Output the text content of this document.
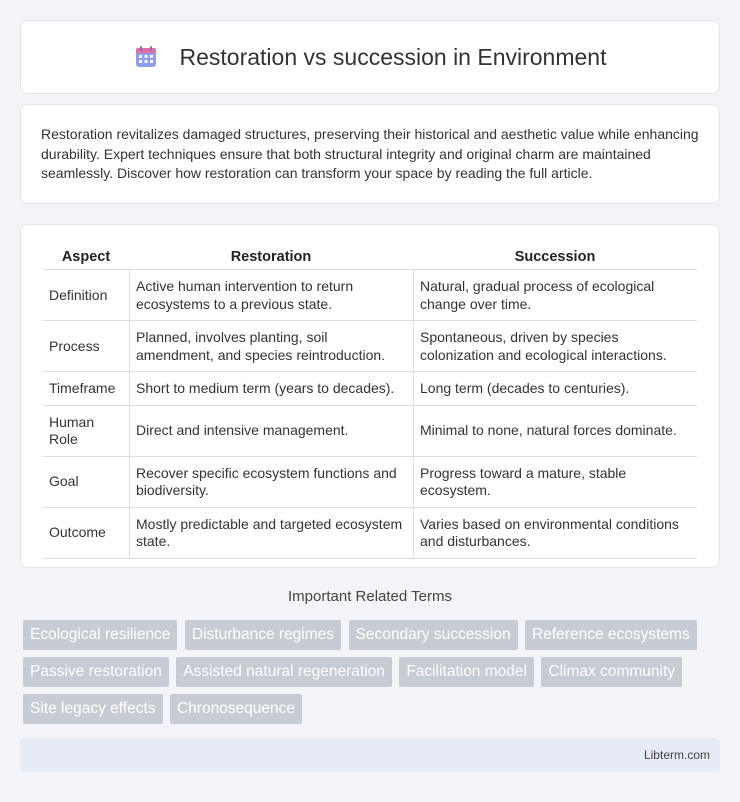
Restoration vs succession in Environment

Restoration revitalizes damaged structures, preserving their historical and aesthetic value while enhancing durability. Expert techniques ensure that both structural integrity and original charm are maintained seamlessly. Discover how restoration can transform your space by reading the full article.

Aspect	Restoration	Succession
Definition	Active human intervention to return ecosystems to a previous state.	Natural, gradual process of ecological change over time.
Process	Planned, involves planting, soil amendment, and species reintroduction.	Spontaneous, driven by species colonization and ecological interactions.
Timeframe	Short to medium term (years to decades).	Long term (decades to centuries).
Human Role	Direct and intensive management.	Minimal to none, natural forces dominate.
Goal	Recover specific ecosystem functions and biodiversity.	Progress toward a mature, stable ecosystem.
Outcome	Mostly predictable and targeted ecosystem state.	Varies based on environmental conditions and disturbances.
Important Related Terms
Ecological resilience Disturbance regimes Secondary succession Reference ecosystems Passive restoration Assisted natural regeneration Facilitation model Climax community Site legacy effects Chronosequence
Libterm.com
